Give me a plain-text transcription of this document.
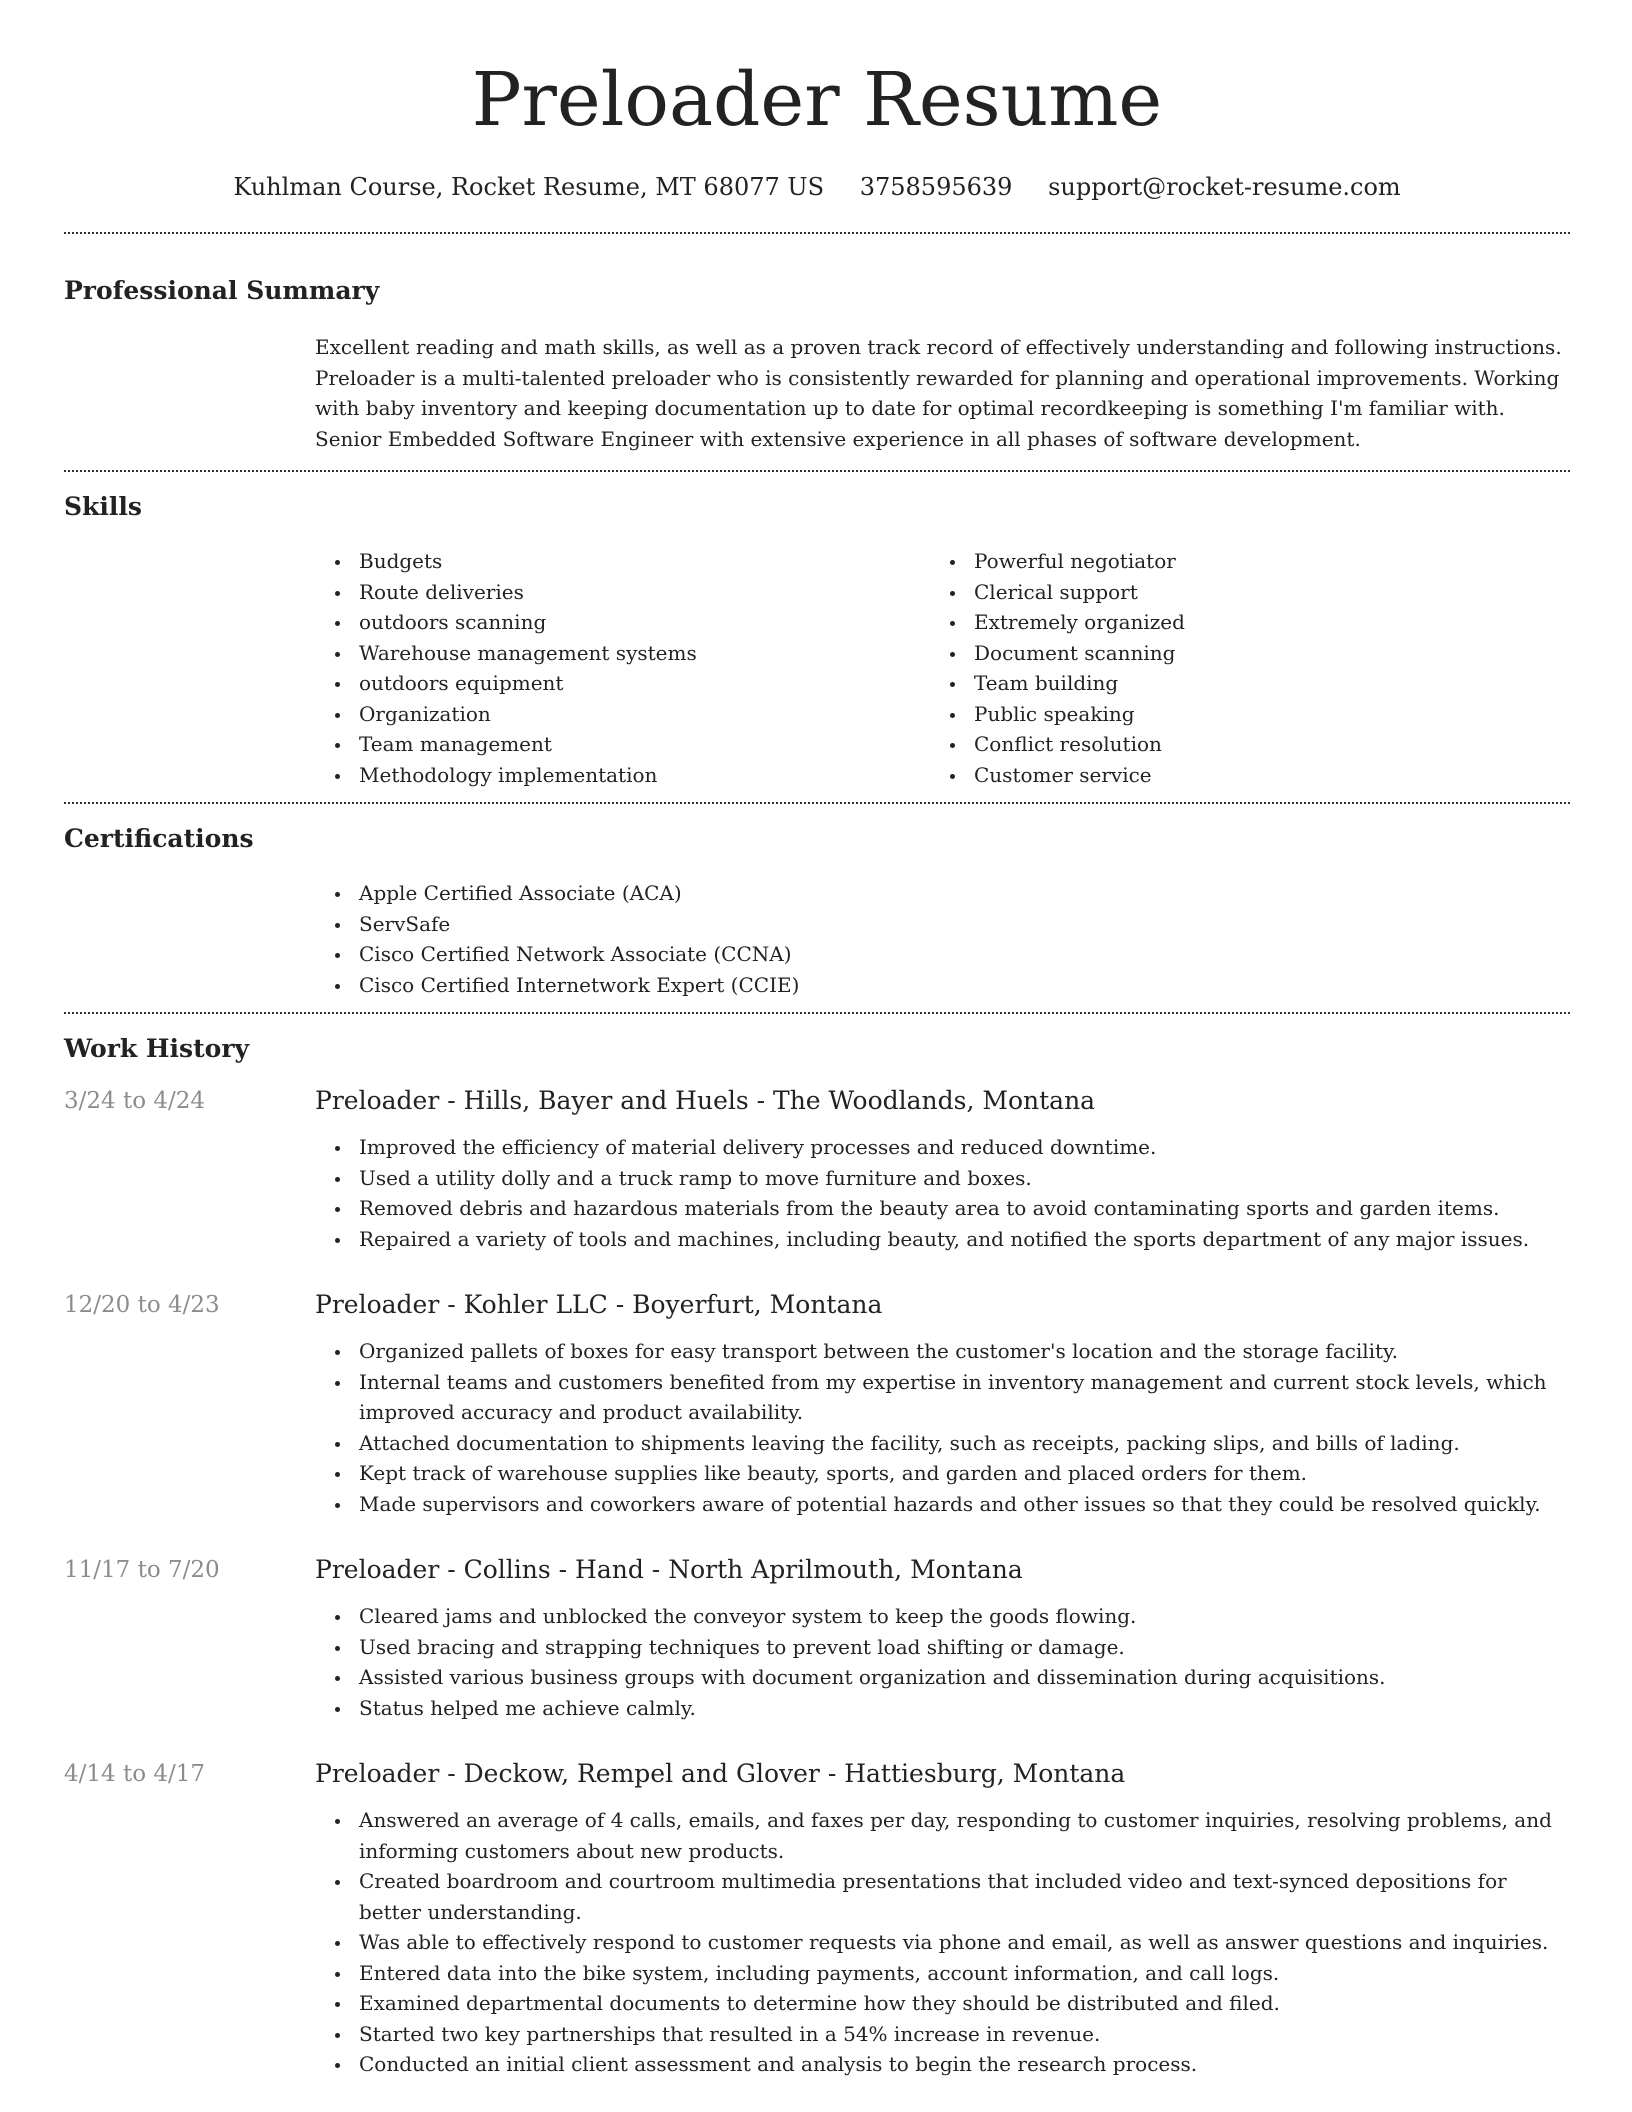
Preloader Resume
Kuhlman Course, Rocket Resume, MT 68077 US 3758595639 support@rocket-resume.com
Professional Summary

Excellent reading and math skills, as well as a proven track record of effectively understanding and following instructions. Preloader is a multi-talented preloader who is consistently rewarded for planning and operational improvements. Working with baby inventory and keeping documentation up to date for optimal recordkeeping is something I'm familiar with. Senior Embedded Software Engineer with extensive experience in all phases of software development.

Skills
Budgets
Route deliveries
outdoors scanning
Warehouse management systems
outdoors equipment
Organization
Team management
Methodology implementation
Powerful negotiator
Clerical support
Extremely organized
Document scanning
Team building
Public speaking
Conflict resolution
Customer service
Certifications
Apple Certified Associate (ACA)
ServSafe
Cisco Certified Network Associate (CCNA)
Cisco Certified Internetwork Expert (CCIE)
Work History
3/24 to 4/24	Preloader - Hills, Bayer and Huels - The Woodlands, Montana
Improved the efficiency of material delivery processes and reduced downtime.
Used a utility dolly and a truck ramp to move furniture and boxes.
Removed debris and hazardous materials from the beauty area to avoid contaminating sports and garden items.
Repaired a variety of tools and machines, including beauty, and notified the sports department of any major issues.
12/20 to 4/23	Preloader - Kohler LLC - Boyerfurt, Montana
Organized pallets of boxes for easy transport between the customer's location and the storage facility.
Internal teams and customers benefited from my expertise in inventory management and current stock levels, which improved accuracy and product availability.
Attached documentation to shipments leaving the facility, such as receipts, packing slips, and bills of lading.
Kept track of warehouse supplies like beauty, sports, and garden and placed orders for them.
Made supervisors and coworkers aware of potential hazards and other issues so that they could be resolved quickly.
11/17 to 7/20	Preloader - Collins - Hand - North Aprilmouth, Montana
Cleared jams and unblocked the conveyor system to keep the goods flowing.
Used bracing and strapping techniques to prevent load shifting or damage.
Assisted various business groups with document organization and dissemination during acquisitions.
Status helped me achieve calmly.
4/14 to 4/17	Preloader - Deckow, Rempel and Glover - Hattiesburg, Montana
Answered an average of 4 calls, emails, and faxes per day, responding to customer inquiries, resolving problems, and informing customers about new products.
Created boardroom and courtroom multimedia presentations that included video and text-synced depositions for better understanding.
Was able to effectively respond to customer requests via phone and email, as well as answer questions and inquiries.
Entered data into the bike system, including payments, account information, and call logs.
Examined departmental documents to determine how they should be distributed and filed.
Started two key partnerships that resulted in a 54% increase in revenue.
Conducted an initial client assessment and analysis to begin the research process.
